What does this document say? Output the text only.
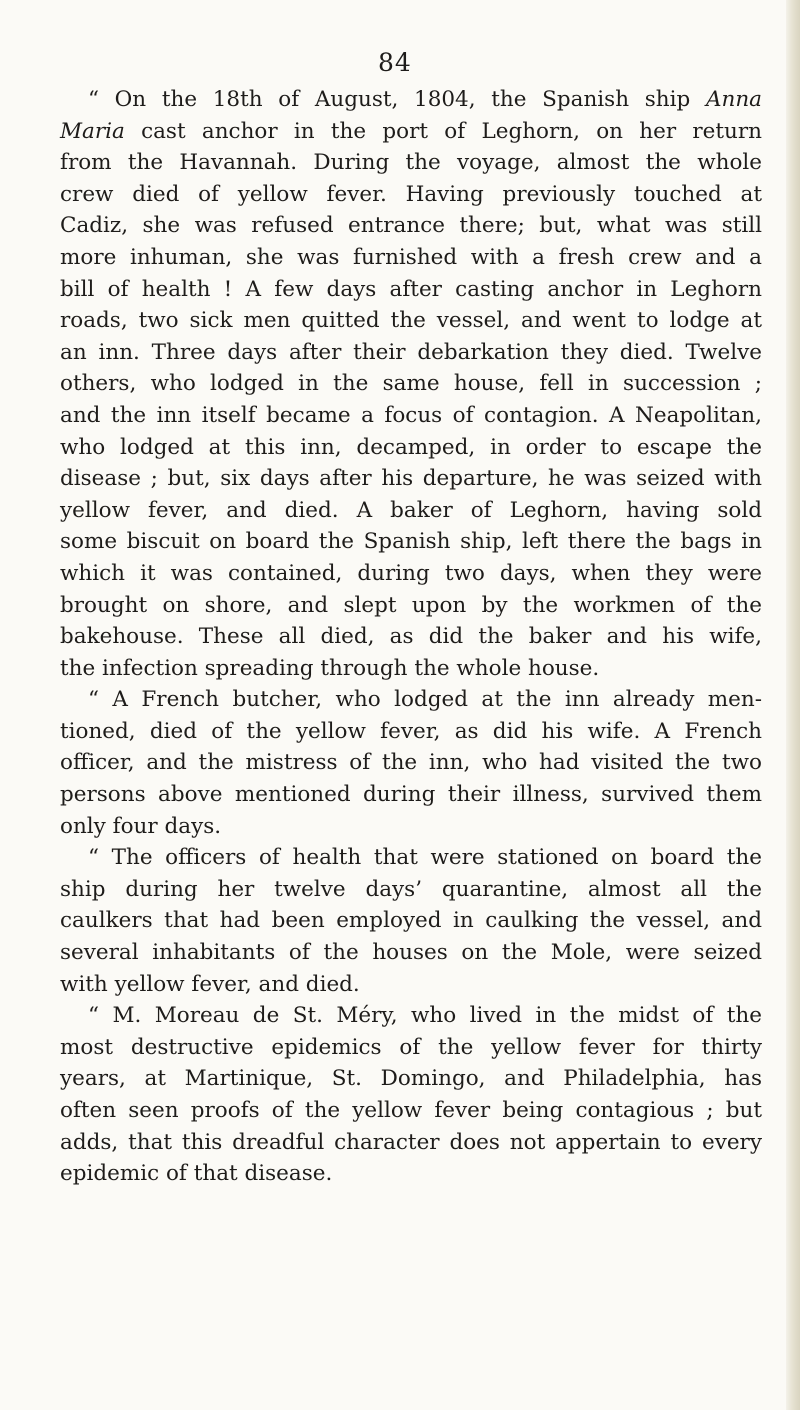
84
“ On the 18th of August, 1804, the Spanish ship Anna
Maria cast anchor in the port of Leghorn, on her return
from the Havannah. During the voyage, almost the whole
crew died of yellow fever. Having previously touched at
Cadiz, she was refused entrance there; but, what was still
more inhuman, she was furnished with a fresh crew and a
bill of health ! A few days after casting anchor in Leghorn
roads, two sick men quitted the vessel, and went to lodge at
an inn. Three days after their debarkation they died. Twelve
others, who lodged in the same house, fell in succession ;
and the inn itself became a focus of contagion. A Neapolitan,
who lodged at this inn, decamped, in order to escape the
disease ; but, six days after his departure, he was seized with
yellow fever, and died. A baker of Leghorn, having sold
some biscuit on board the Spanish ship, left there the bags in
which it was contained, during two days, when they were
brought on shore, and slept upon by the workmen of the
bakehouse. These all died, as did the baker and his wife,
the infection spreading through the whole house.
“ A French butcher, who lodged at the inn already men-
tioned, died of the yellow fever, as did his wife. A French
officer, and the mistress of the inn, who had visited the two
persons above mentioned during their illness, survived them
only four days.
“ The officers of health that were stationed on board the
ship during her twelve days’ quarantine, almost all the
caulkers that had been employed in caulking the vessel, and
several inhabitants of the houses on the Mole, were seized
with yellow fever, and died.
“ M. Moreau de St. Méry, who lived in the midst of the
most destructive epidemics of the yellow fever for thirty
years, at Martinique, St. Domingo, and Philadelphia, has
often seen proofs of the yellow fever being contagious ; but
adds, that this dreadful character does not appertain to every
epidemic of that disease.
